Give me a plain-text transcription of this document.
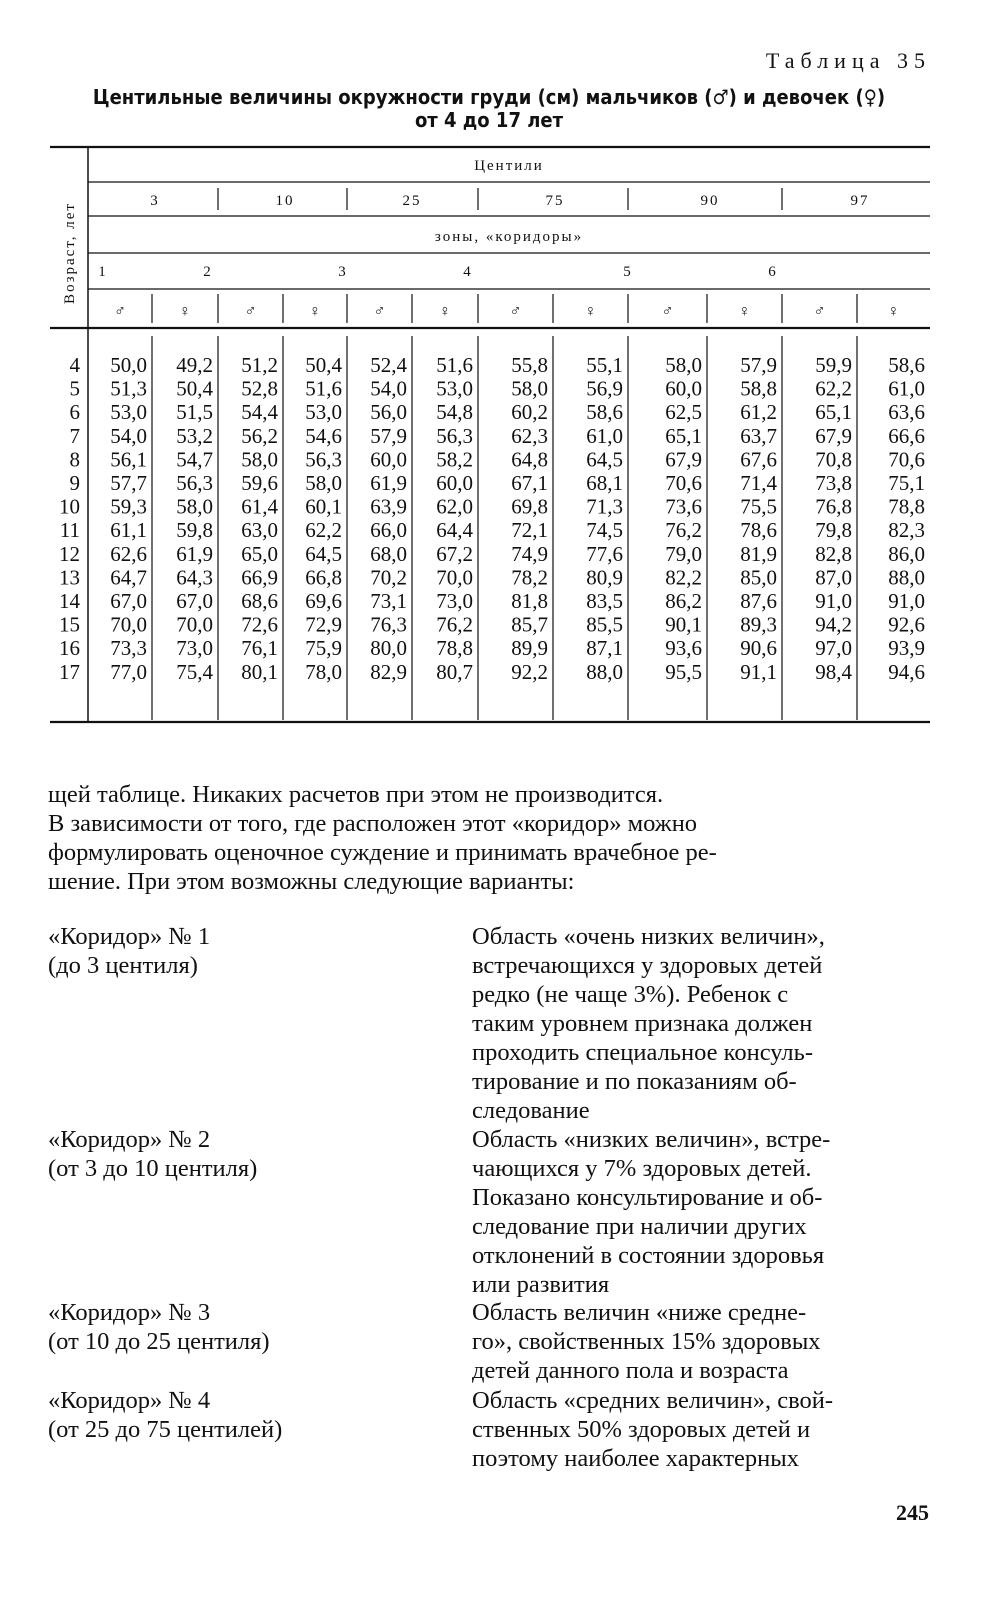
Таблица 35
Центильные величины окружности груди (см) мальчиков (♂) и девочек (♀)
от 4 до 17 лет
Центили
3	10	25	75	90	97
зоны, «коридоры»
1	2	3	4	5	6
♂	♀	♂	♀	♂	♀	♂	♀	♂	♀	♂	♀
Возраст, лет
4 50,0 49,2 51,2 50,4 52,4 51,6 55,8 55,1 58,0 57,9 59,9 58,6
5 51,3 50,4 52,8 51,6 54,0 53,0 58,0 56,9 60,0 58,8 62,2 61,0
6 53,0 51,5 54,4 53,0 56,0 54,8 60,2 58,6 62,5 61,2 65,1 63,6
7 54,0 53,2 56,2 54,6 57,9 56,3 62,3 61,0 65,1 63,7 67,9 66,6
8 56,1 54,7 58,0 56,3 60,0 58,2 64,8 64,5 67,9 67,6 70,8 70,6
9 57,7 56,3 59,6 58,0 61,9 60,0 67,1 68,1 70,6 71,4 73,8 75,1
10 59,3 58,0 61,4 60,1 63,9 62,0 69,8 71,3 73,6 75,5 76,8 78,8
11 61,1 59,8 63,0 62,2 66,0 64,4 72,1 74,5 76,2 78,6 79,8 82,3
12 62,6 61,9 65,0 64,5 68,0 67,2 74,9 77,6 79,0 81,9 82,8 86,0
13 64,7 64,3 66,9 66,8 70,2 70,0 78,2 80,9 82,2 85,0 87,0 88,0
14 67,0 67,0 68,6 69,6 73,1 73,0 81,8 83,5 86,2 87,6 91,0 91,0
15 70,0 70,0 72,6 72,9 76,3 76,2 85,7 85,5 90,1 89,3 94,2 92,6
16 73,3 73,0 76,1 75,9 80,0 78,8 89,9 87,1 93,6 90,6 97,0 93,9
17 77,0 75,4 80,1 78,0 82,9 80,7 92,2 88,0 95,5 91,1 98,4 94,6
щей таблице. Никаких расчетов при этом не производится.
В зависимости от того, где расположен этот «коридор» можно
формулировать оценочное суждение и принимать врачебное ре-
шение. При этом возможны следующие варианты:
«Коридор» № 1
(до 3 центиля)
Область «очень низких величин»,
встречающихся у здоровых детей
редко (не чаще 3%). Ребенок с
таким уровнем признака должен
проходить специальное консуль-
тирование и по показаниям об-
следование
«Коридор» № 2
(от 3 до 10 центиля)
Область «низких величин», встре-
чающихся у 7% здоровых детей.
Показано консультирование и об-
следование при наличии других
отклонений в состоянии здоровья
или развития
«Коридор» № 3
(от 10 до 25 центиля)
Область величин «ниже средне-
го», свойственных 15% здоровых
детей данного пола и возраста
«Коридор» № 4
(от 25 до 75 центилей)
Область «средних величин», свой-
ственных 50% здоровых детей и
поэтому наиболее характерных
245
